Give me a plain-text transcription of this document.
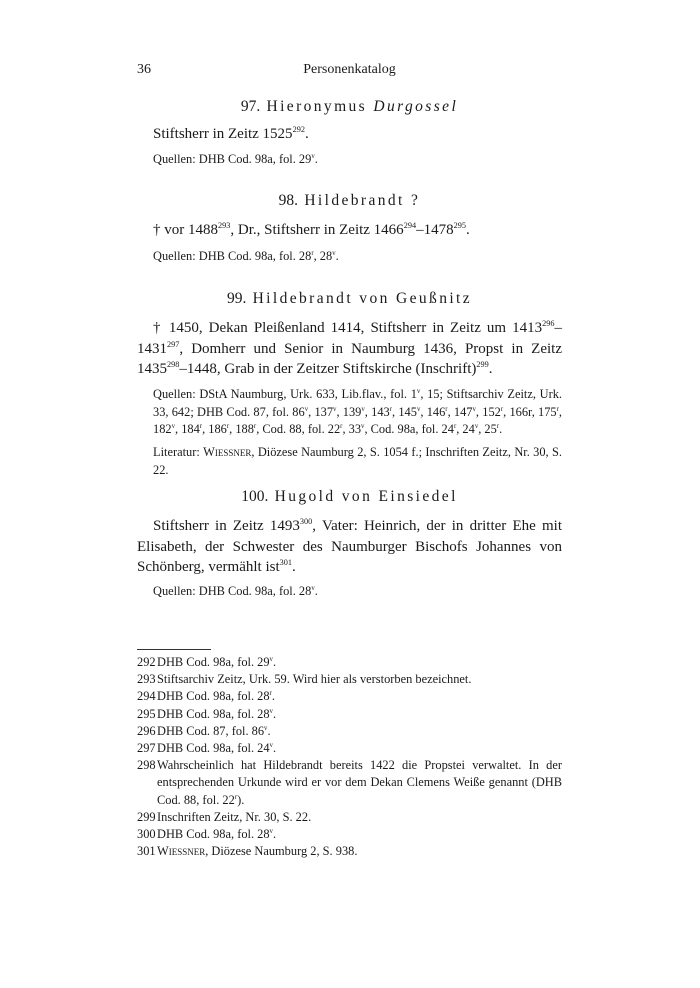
36	Personenkatalog
97. Hieronymus Durgossel

Stiftsherr in Zeitz 1525$^{292}$.

Quellen: DHB Cod. 98a, fol. 29$^v$.

98. Hildebrandt ?

† vor 1488$^{293}$, Dr., Stiftsherr in Zeitz 1466$^{294}$–1478$^{295}$.

Quellen: DHB Cod. 98a, fol. 28$^r$, 28$^v$.

99. Hildebrandt von Geußnitz

† 1450, Dekan Pleißenland 1414, Stiftsherr in Zeitz um 1413$^{296}$–1431$^{297}$, Domherr und Senior in Naumburg 1436, Propst in Zeitz 1435$^{298}$–1448, Grab in der Zeitzer Stiftskirche (Inschrift)$^{299}$.

Quellen: DStA Naumburg, Urk. 633, Lib.flav., fol. 1$^v$, 15; Stiftsarchiv Zeitz, Urk. 33, 642; DHB Cod. 87, fol. 86$^v$, 137$^v$, 139$^v$, 143$^r$, 145$^v$, 146$^r$, 147$^v$, 152$^r$, 166r, 175$^r$, 182$^v$, 184$^r$, 186$^r$, 188$^r$, Cod. 88, fol. 22$^r$, 33$^v$, Cod. 98a, fol. 24$^r$, 24$^v$, 25$^r$.

Literatur: Wiessner, Diözese Naumburg 2, S. 1054 f.; Inschriften Zeitz, Nr. 30, S. 22.

100. Hugold von Einsiedel

Stiftsherr in Zeitz 1493$^{300}$, Vater: Heinrich, der in dritter Ehe mit Elisabeth, der Schwester des Naumburger Bischofs Johannes von Schönberg, vermählt ist$^{301}$.

Quellen: DHB Cod. 98a, fol. 28$^v$.

292 DHB Cod. 98a, fol. 29$^v$.
293 Stiftsarchiv Zeitz, Urk. 59. Wird hier als verstorben bezeichnet.
294 DHB Cod. 98a, fol. 28$^r$.
295 DHB Cod. 98a, fol. 28$^v$.
296 DHB Cod. 87, fol. 86$^v$.
297 DHB Cod. 98a, fol. 24$^v$.
298 Wahrscheinlich hat Hildebrandt bereits 1422 die Propstei verwaltet. In der entsprechenden Urkunde wird er vor dem Dekan Clemens Weiße genannt (DHB Cod. 88, fol. 22$^r$).
299 Inschriften Zeitz, Nr. 30, S. 22.
300 DHB Cod. 98a, fol. 28$^v$.
301 Wiessner, Diözese Naumburg 2, S. 938.
